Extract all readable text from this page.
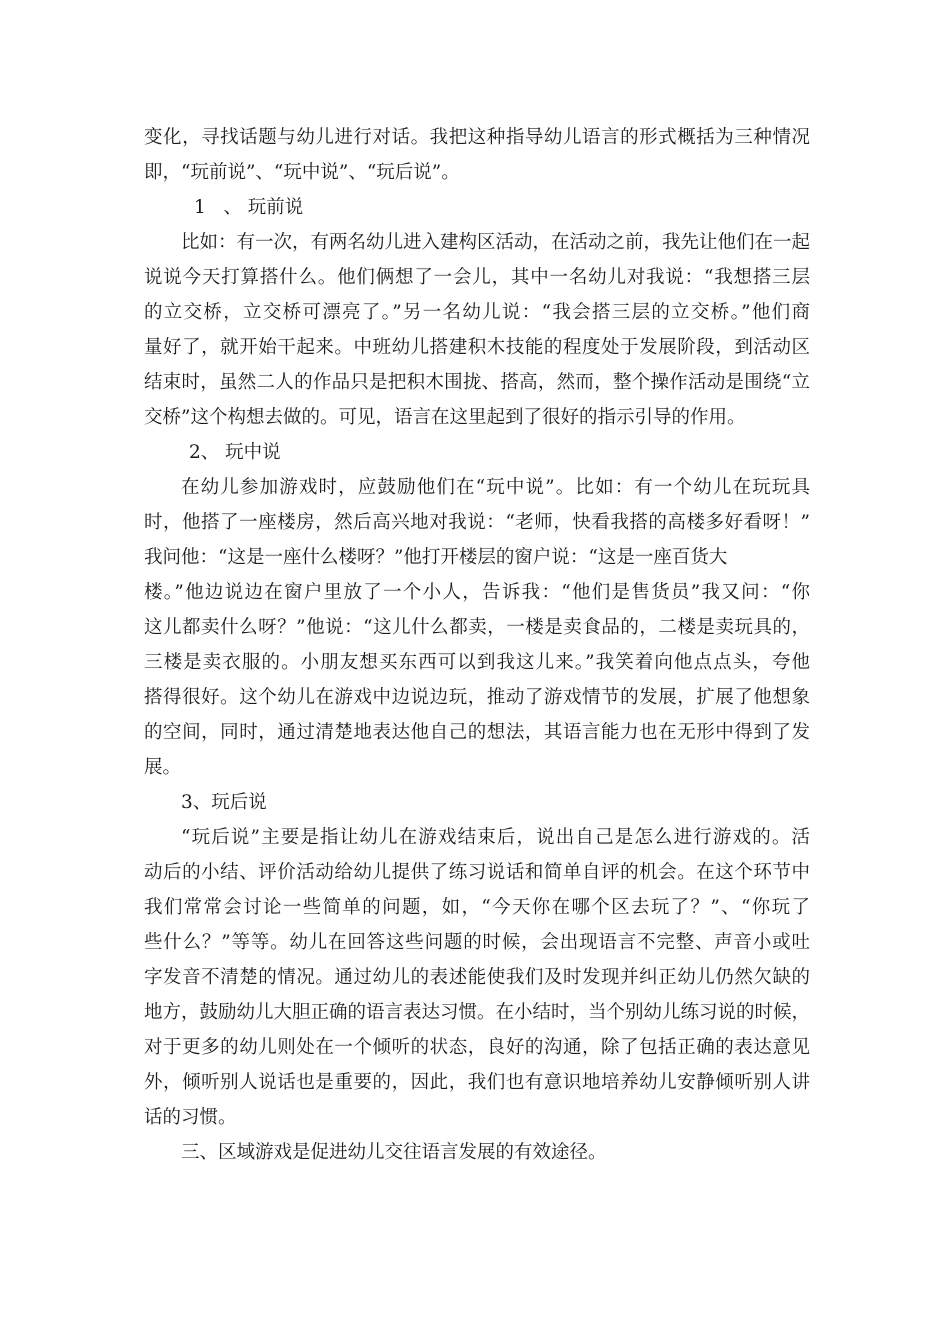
变化，寻找话题与幼儿进行对话。我把这种指导幼儿语言的形式概括为三种情况
即，“玩前说”、“玩中说”、“玩后说”。
1   、 玩前说
比如：有一次，有两名幼儿进入建构区活动，在活动之前，我先让他们在一起
说说今天打算搭什么。他们俩想了一会儿，其中一名幼儿对我说：“我想搭三层
的立交桥，立交桥可漂亮了。”另一名幼儿说：“我会搭三层的立交桥。”他们商
量好了，就开始干起来。中班幼儿搭建积木技能的程度处于发展阶段，到活动区
结束时，虽然二人的作品只是把积木围拢、搭高，然而，整个操作活动是围绕“立
交桥”这个构想去做的。可见，语言在这里起到了很好的指示引导的作用。
2、 玩中说
在幼儿参加游戏时，应鼓励他们在“玩中说”。比如：有一个幼儿在玩玩具
时，他搭了一座楼房，然后高兴地对我说：“老师，快看我搭的高楼多好看呀！”
我问他：“这是一座什么楼呀？”他打开楼层的窗户说：“这是一座百货大
楼。”他边说边在窗户里放了一个小人，告诉我：“他们是售货员”我又问：“你
这儿都卖什么呀？”他说：“这儿什么都卖，一楼是卖食品的，二楼是卖玩具的，
三楼是卖衣服的。小朋友想买东西可以到我这儿来。”我笑着向他点点头，夸他
搭得很好。这个幼儿在游戏中边说边玩，推动了游戏情节的发展，扩展了他想象
的空间，同时，通过清楚地表达他自己的想法，其语言能力也在无形中得到了发
展。
3、玩后说
“玩后说”主要是指让幼儿在游戏结束后，说出自己是怎么进行游戏的。活
动后的小结、评价活动给幼儿提供了练习说话和简单自评的机会。在这个环节中
我们常常会讨论一些简单的问题，如，“今天你在哪个区去玩了？”、“你玩了
些什么？”等等。幼儿在回答这些问题的时候，会出现语言不完整、声音小或吐
字发音不清楚的情况。通过幼儿的表述能使我们及时发现并纠正幼儿仍然欠缺的
地方，鼓励幼儿大胆正确的语言表达习惯。在小结时，当个别幼儿练习说的时候，
对于更多的幼儿则处在一个倾听的状态，良好的沟通，除了包括正确的表达意见
外，倾听别人说话也是重要的，因此，我们也有意识地培养幼儿安静倾听别人讲
话的习惯。
三、区域游戏是促进幼儿交往语言发展的有效途径。
